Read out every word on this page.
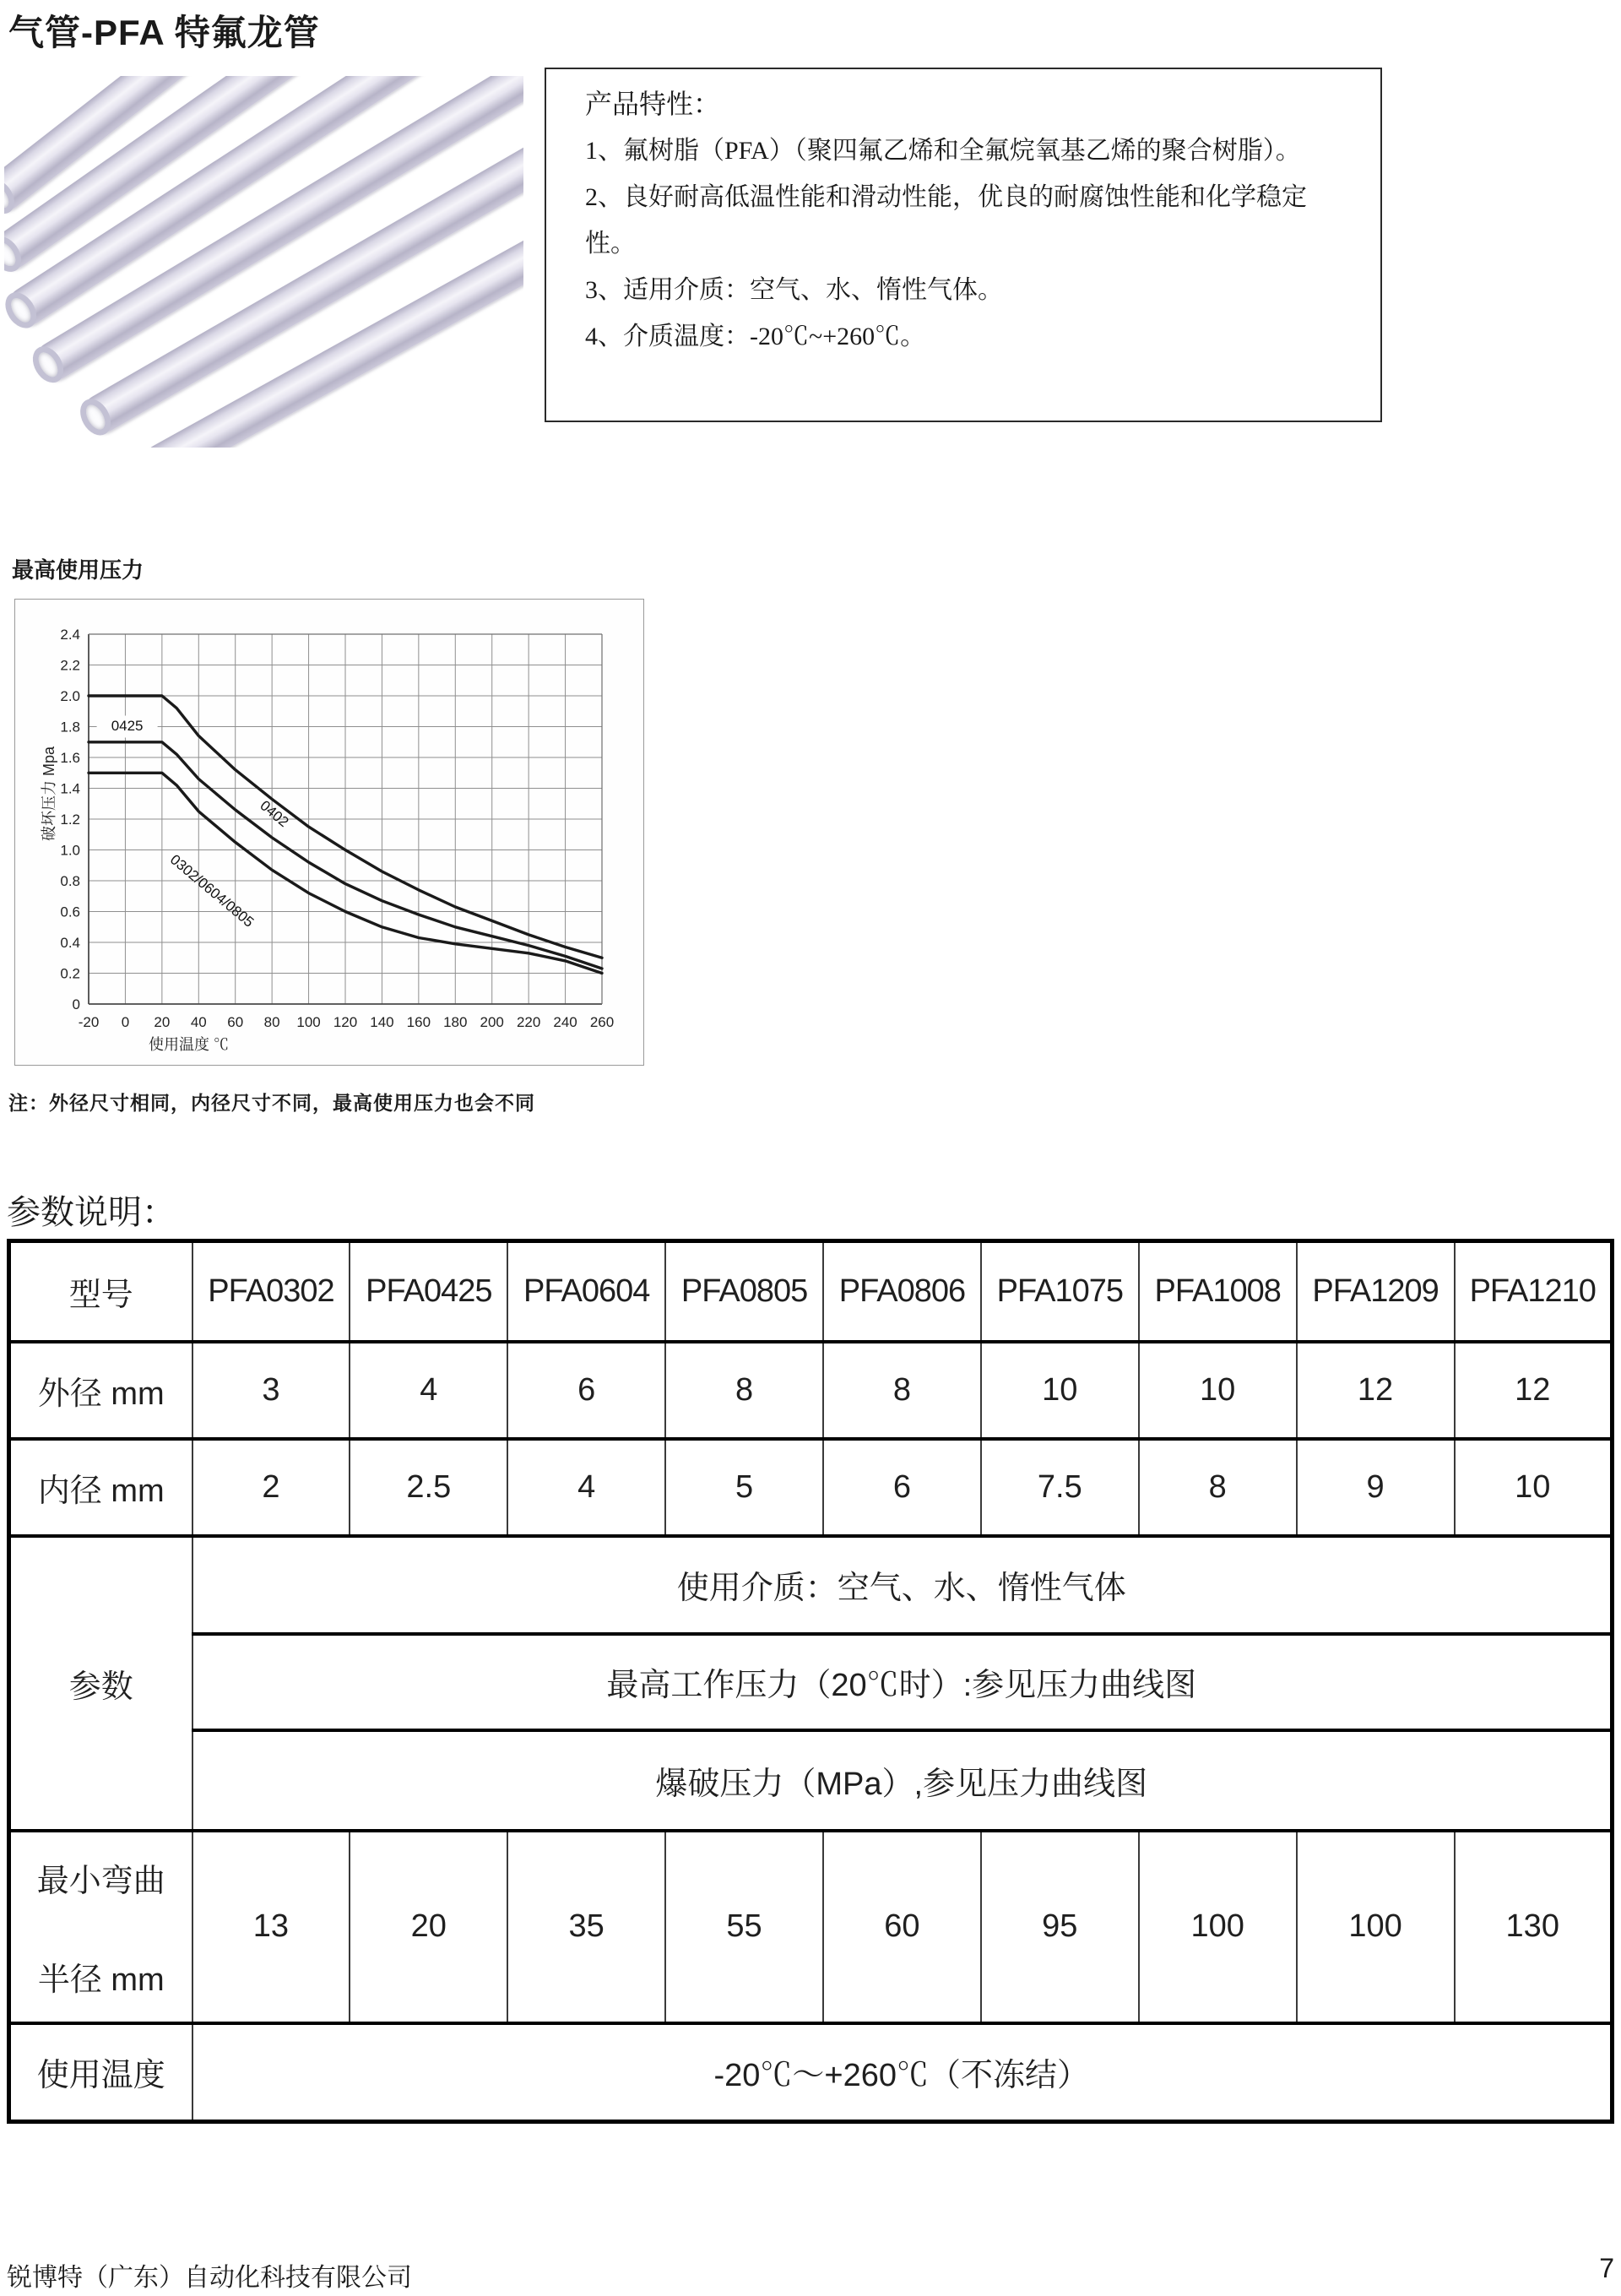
气管-PFA 特氟龙管
产品特性：
1、氟树脂（PFA）（聚四氟乙烯和全氟烷氧基乙烯的聚合树脂）。
2、良好耐高低温性能和滑动性能，优良的耐腐蚀性能和化学稳定性。
3、适用介质：空气、水、惰性气体。
4、介质温度：-20℃~+260℃。
最高使用压力
0
0.2
0.4
0.6
0.8
1.0
1.2
1.4
1.6
1.8
2.0
2.2
2.4
-20 0 20 40 60 80 100 120 140 160 180 200 220 240 260
0425
0402
0302/0604/0805
破坏压力 Mpa
使用温度 ℃
注：外径尺寸相同，内径尺寸不同，最高使用压力也会不同
参数说明：
型号	PFA0302	PFA0425	PFA0604	PFA0805	PFA0806	PFA1075	PFA1008	PFA1209	PFA1210
外径 mm	3	4	6	8	8	10	10	12	12
内径 mm	2	2.5	4	5	6	7.5	8	9	10
参数	使用介质：空气、水、惰性气体								
	最高工作压力（20℃时）:参见压力曲线图								
	爆破压力（MPa）,参见压力曲线图								

最小弯曲
半径 mm	13	20	35	55	60	95	100	100	130
使用温度	-20℃～+260℃（不冻结）								
锐博特（广东）自动化科技有限公司	7
